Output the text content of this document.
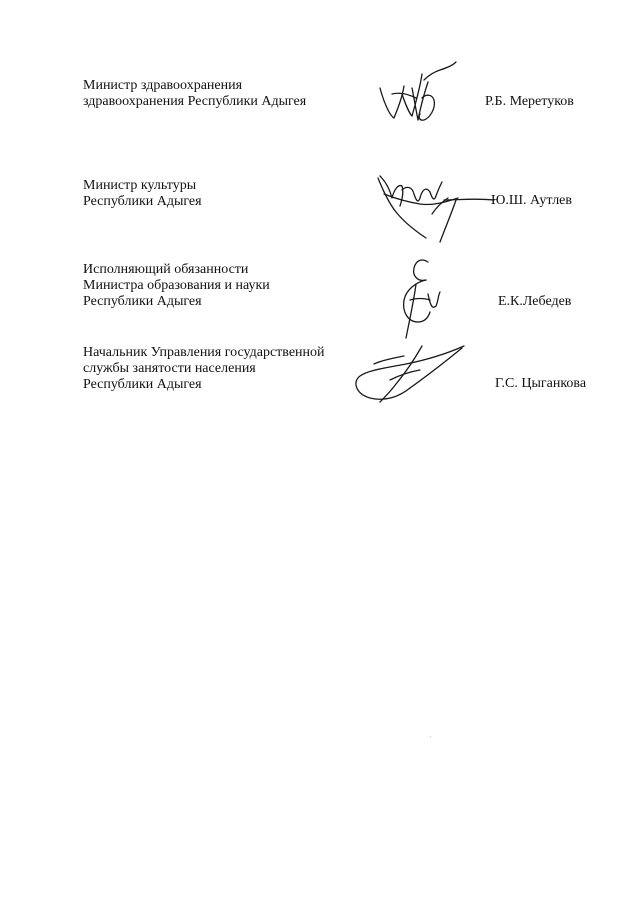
Министр здравоохранения
здравоохранения Республики Адыгея	Р.Б. Меретуков
Министр культуры
Республики Адыгея	Ю.Ш. Аутлев
Исполняющий обязанности
Министра образования и науки
Республики Адыгея	Е.К.Лебедев
Начальник Управления государственной
службы занятости населения
Республики Адыгея	Г.С. Цыганкова
